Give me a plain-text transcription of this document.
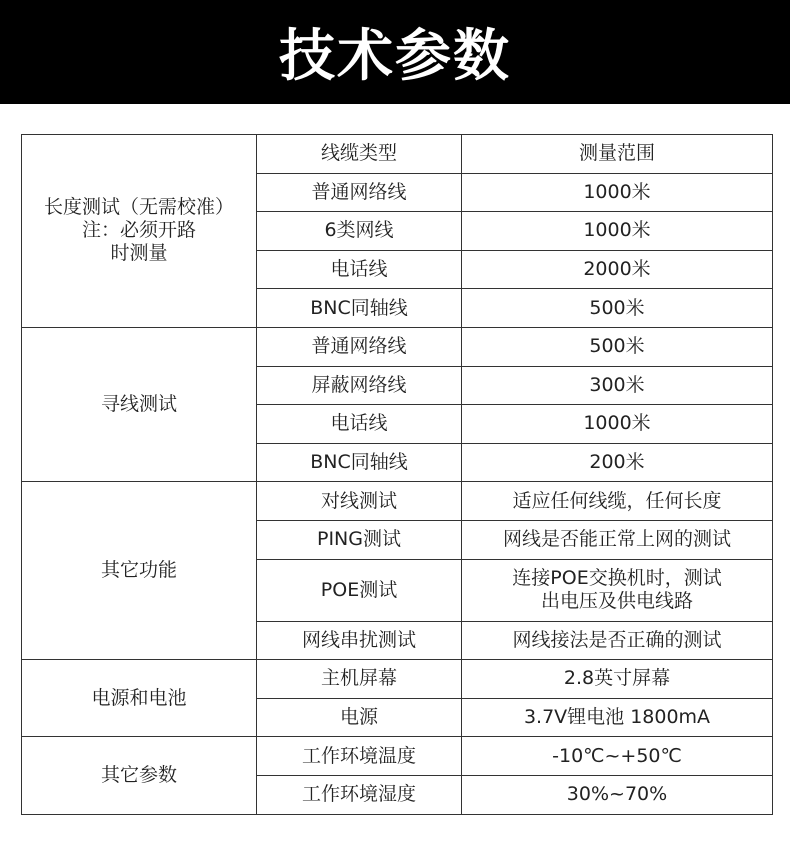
技术参数
长度测试（无需校准）
注：必须开路
时测量	线缆类型	测量范围
	普通网络线	1000米
	6类网线	1000米
	电话线	2000米
	BNC同轴线	500米
寻线测试	普通网络线	500米
	屏蔽网络线	300米
	电话线	1000米
	BNC同轴线	200米
其它功能	对线测试	适应任何线缆，任何长度
	PING测试	网线是否能正常上网的测试
	POE测试	连接POE交换机时，测试
出电压及供电线路
	网线串扰测试	网线接法是否正确的测试
电源和电池	主机屏幕	2.8英寸屏幕
	电源	3.7V锂电池 1800mA
其它参数	工作环境温度	-10℃~+50℃
	工作环境湿度	30%~70%
